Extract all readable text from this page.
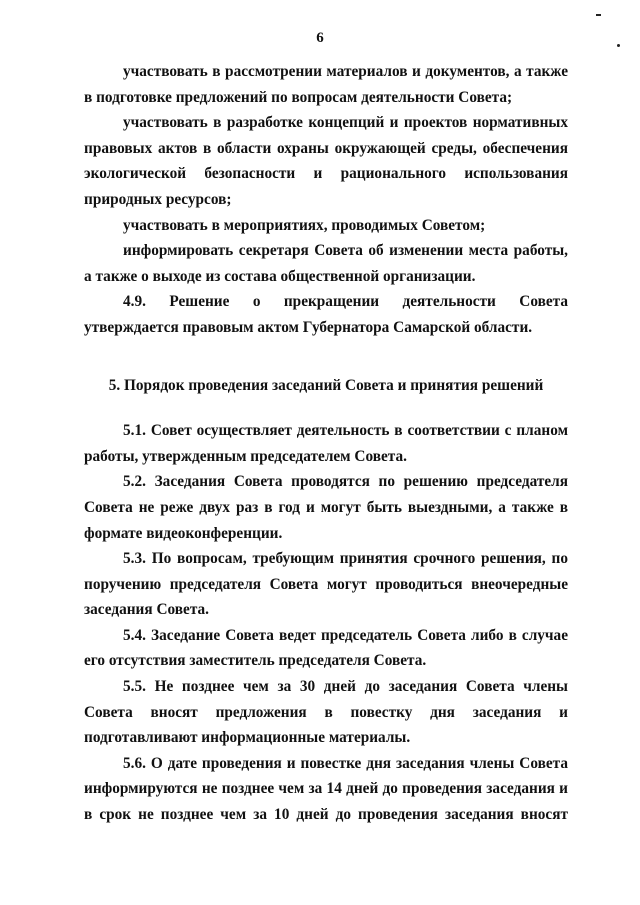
6

участвовать в рассмотрении материалов и документов, а также в подготовке предложений по вопросам деятельности Совета;

участвовать в разработке концепций и проектов нормативных правовых актов в области охраны окружающей среды, обеспечения экологической безопасности и рационального использования природных ресурсов;

участвовать в мероприятиях, проводимых Советом;

информировать секретаря Совета об изменении места работы, а также о выходе из состава общественной организации.

4.9. Решение о прекращении деятельности Совета утверждается правовым актом Губернатора Самарской области.

5. Порядок проведения заседаний Совета и принятия решений

5.1. Совет осуществляет деятельность в соответствии с планом работы, утвержденным председателем Совета.

5.2. Заседания Совета проводятся по решению председателя Совета не реже двух раз в год и могут быть выездными, а также в формате видеоконференции.

5.3. По вопросам, требующим принятия срочного решения, по поручению председателя Совета могут проводиться внеочередные заседания Совета.

5.4. Заседание Совета ведет председатель Совета либо в случае его отсутствия заместитель председателя Совета.

5.5. Не позднее чем за 30 дней до заседания Совета члены Совета вносят предложения в повестку дня заседания и подготавливают информационные материалы.

5.6. О дате проведения и повестке дня заседания члены Совета информируются не позднее чем за 14 дней до проведения заседания и в срок не позднее чем за 10 дней до проведения заседания вносят
